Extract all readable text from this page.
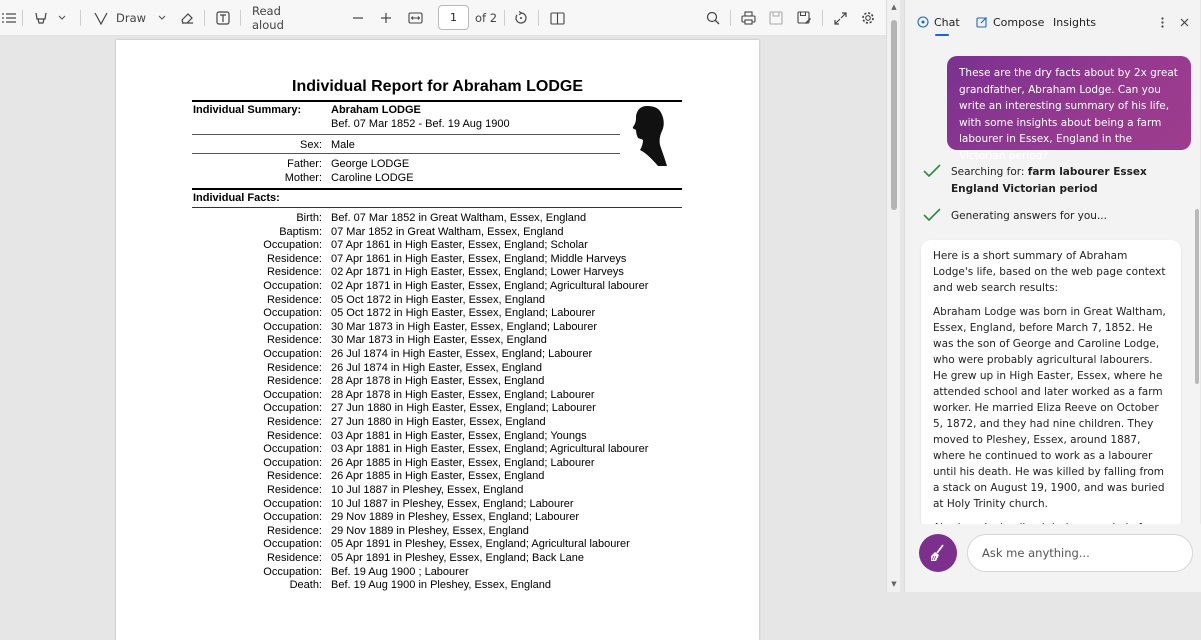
Draw	Read aloud
1 of 2
Individual Report for Abraham LODGE
Individual Summary:	Abraham LODGE
Bef. 07 Mar 1852 - Bef. 19 Aug 1900
Sex: Male
Father: George LODGE
Mother: Caroline LODGE
Individual Facts:
Birth: Bef. 07 Mar 1852 in Great Waltham, Essex, England
Baptism: 07 Mar 1852 in Great Waltham, Essex, England
Occupation: 07 Apr 1861 in High Easter, Essex, England; Scholar
Residence: 07 Apr 1861 in High Easter, Essex, England; Middle Harveys
Residence: 02 Apr 1871 in High Easter, Essex, England; Lower Harveys
Occupation: 02 Apr 1871 in High Easter, Essex, England; Agricultural labourer
Residence: 05 Oct 1872 in High Easter, Essex, England
Occupation: 05 Oct 1872 in High Easter, Essex, England; Labourer
Occupation: 30 Mar 1873 in High Easter, Essex, England; Labourer
Residence: 30 Mar 1873 in High Easter, Essex, England
Occupation: 26 Jul 1874 in High Easter, Essex, England; Labourer
Residence: 26 Jul 1874 in High Easter, Essex, England
Residence: 28 Apr 1878 in High Easter, Essex, England
Occupation: 28 Apr 1878 in High Easter, Essex, England; Labourer
Occupation: 27 Jun 1880 in High Easter, Essex, England; Labourer
Residence: 27 Jun 1880 in High Easter, Essex, England
Residence: 03 Apr 1881 in High Easter, Essex, England; Youngs
Occupation: 03 Apr 1881 in High Easter, Essex, England; Agricultural labourer
Occupation: 26 Apr 1885 in High Easter, Essex, England; Labourer
Residence: 26 Apr 1885 in High Easter, Essex, England
Residence: 10 Jul 1887 in Pleshey, Essex, England
Occupation: 10 Jul 1887 in Pleshey, Essex, England; Labourer
Occupation: 29 Nov 1889 in Pleshey, Essex, England; Labourer
Residence: 29 Nov 1889 in Pleshey, Essex, England
Occupation: 05 Apr 1891 in Pleshey, Essex, England; Agricultural labourer
Residence: 05 Apr 1891 in Pleshey, Essex, England; Back Lane
Occupation: Bef. 19 Aug 1900 ; Labourer
Death: Bef. 19 Aug 1900 in Pleshey, Essex, England
▲
▼
Chat	Compose Insights
These are the dry facts about by 2x great grandfather, Abraham Lodge. Can you write an interesting summary of his life, with some insights about being a farm labourer in Essex, England in the Victorian period?
Searching for: farm labourer Essex England Victorian period
Generating answers for you...

Here is a short summary of Abraham Lodge's life, based on the web page context and web search results:

Abraham Lodge was born in Great Waltham, Essex, England, before March 7, 1852. He was the son of George and Caroline Lodge, who were probably agricultural labourers. He grew up in High Easter, Essex, where he attended school and later worked as a farm worker. He married Eliza Reeve on October 5, 1872, and they had nine children. They moved to Pleshey, Essex, around 1887, where he continued to work as a labourer until his death. He was killed by falling from a stack on August 19, 1900, and was buried at Holy Trinity church.

Ask me anything...
